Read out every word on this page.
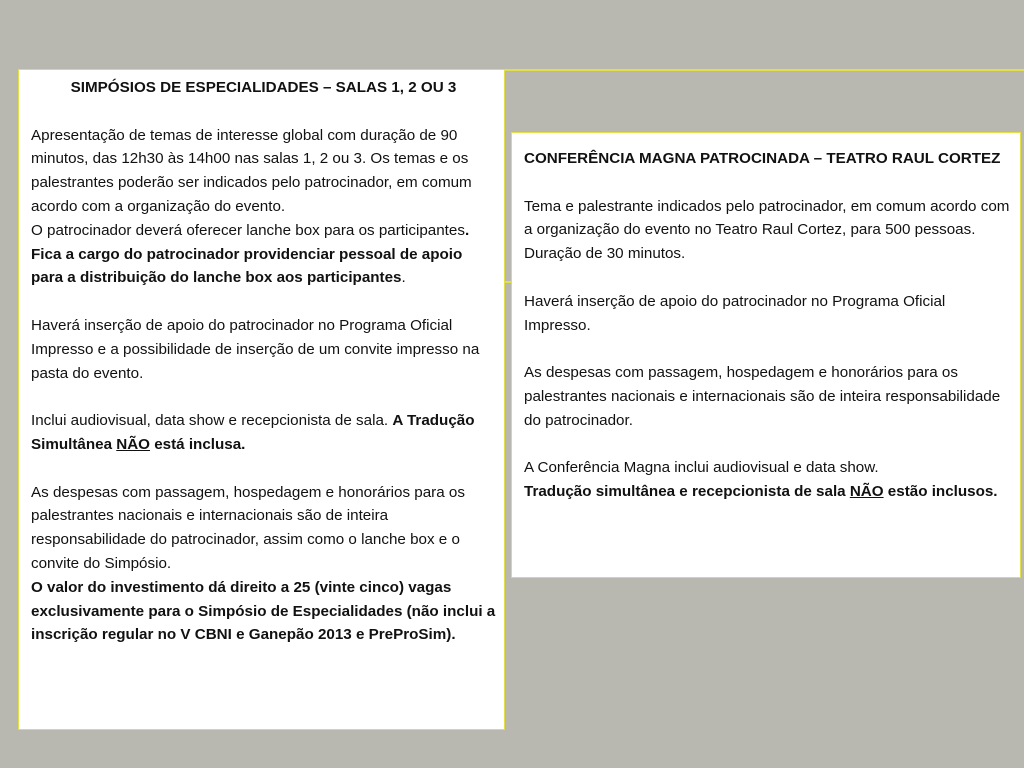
SIMPÓSIOS DE ESPECIALIDADES – SALAS 1, 2 OU 3

Apresentação de temas de interesse global com duração de 90 minutos, das 12h30 às 14h00 nas salas 1, 2 ou 3. Os temas e os palestrantes poderão ser indicados pelo patrocinador, em comum acordo com a organização do evento.

O patrocinador deverá oferecer lanche box para os participantes. Fica a cargo do patrocinador providenciar pessoal de apoio para a distribuição do lanche box aos participantes.

Haverá inserção de apoio do patrocinador no Programa Oficial Impresso e a possibilidade de inserção de um convite impresso na pasta do evento.

Inclui audiovisual, data show e recepcionista de sala. A Tradução Simultânea NÃO está inclusa.

As despesas com passagem, hospedagem e honorários para os palestrantes nacionais e internacionais são de inteira responsabilidade do patrocinador, assim como o lanche box e o convite do Simpósio.

O valor do investimento dá direito a 25 (vinte cinco) vagas exclusivamente para o Simpósio de Especialidades (não inclui a inscrição regular no V CBNI e Ganepão 2013 e PreProSim).

CONFERÊNCIA MAGNA PATROCINADA – TEATRO RAUL CORTEZ

Tema e palestrante indicados pelo patrocinador, em comum acordo com a organização do evento no Teatro Raul Cortez, para 500 pessoas. Duração de 30 minutos.

Haverá inserção de apoio do patrocinador no Programa Oficial Impresso.

As despesas com passagem, hospedagem e honorários para os palestrantes nacionais e internacionais são de inteira responsabilidade do patrocinador.

A Conferência Magna inclui audiovisual e data show.

Tradução simultânea e recepcionista de sala NÃO estão inclusos.
